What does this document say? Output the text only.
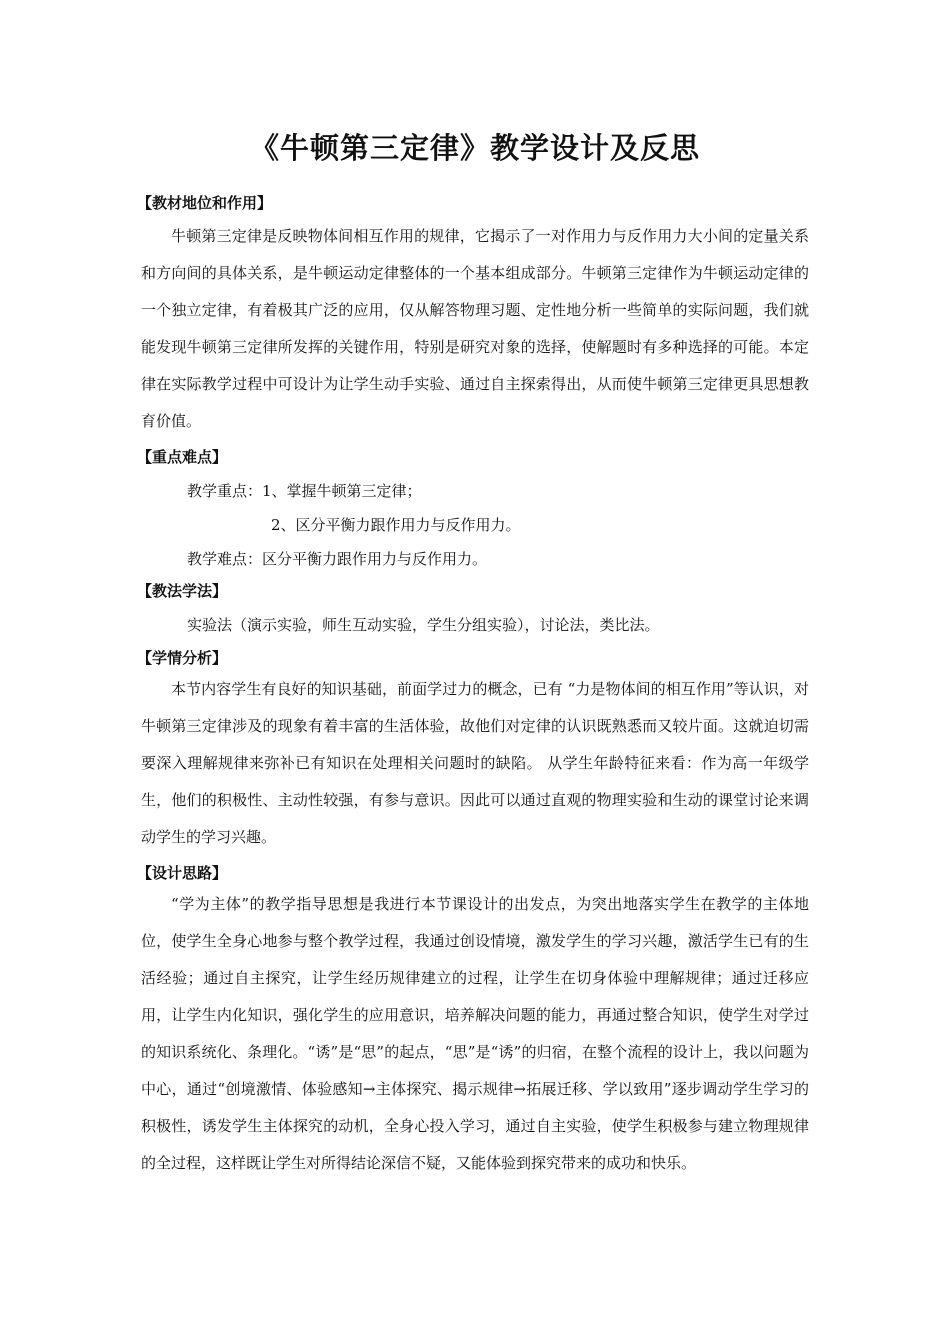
《牛顿第三定律》教学设计及反思
【教材地位和作用】
牛顿第三定律是反映物体间相互作用的规律，它揭示了一对作用力与反作用力大小间的定量关系和方向间的具体关系，是牛顿运动定律整体的一个基本组成部分。牛顿第三定律作为牛顿运动定律的一个独立定律，有着极其广泛的应用，仅从解答物理习题、定性地分析一些简单的实际问题，我们就能发现牛顿第三定律所发挥的关键作用，特别是研究对象的选择，使解题时有多种选择的可能。本定律在实际教学过程中可设计为让学生动手实验、通过自主探索得出，从而使牛顿第三定律更具思想教育价值。
【重点难点】
教学重点：1、掌握牛顿第三定律；
2、区分平衡力跟作用力与反作用力。
教学难点：区分平衡力跟作用力与反作用力。
【教法学法】
实验法（演示实验，师生互动实验，学生分组实验），讨论法，类比法。
【学情分析】
本节内容学生有良好的知识基础，前面学过力的概念，已有 “力是物体间的相互作用”等认识，对牛顿第三定律涉及的现象有着丰富的生活体验，故他们对定律的认识既熟悉而又较片面。这就迫切需要深入理解规律来弥补已有知识在处理相关问题时的缺陷。 从学生年龄特征来看：作为高一年级学生，他们的积极性、主动性较强，有参与意识。因此可以通过直观的物理实验和生动的课堂讨论来调动学生的学习兴趣。
【设计思路】
“学为主体”的教学指导思想是我进行本节课设计的出发点，为突出地落实学生在教学的主体地位，使学生全身心地参与整个教学过程，我通过创设情境，激发学生的学习兴趣，激活学生已有的生活经验；通过自主探究，让学生经历规律建立的过程，让学生在切身体验中理解规律；通过迁移应用，让学生内化知识，强化学生的应用意识，培养解决问题的能力，再通过整合知识，使学生对学过的知识系统化、条理化。“诱”是“思”的起点，“思”是“诱”的归宿，在整个流程的设计上，我以问题为中心，通过“创境激情、体验感知→主体探究、揭示规律→拓展迁移、学以致用”逐步调动学生学习的积极性，诱发学生主体探究的动机，全身心投入学习，通过自主实验，使学生积极参与建立物理规律的全过程，这样既让学生对所得结论深信不疑，又能体验到探究带来的成功和快乐。
